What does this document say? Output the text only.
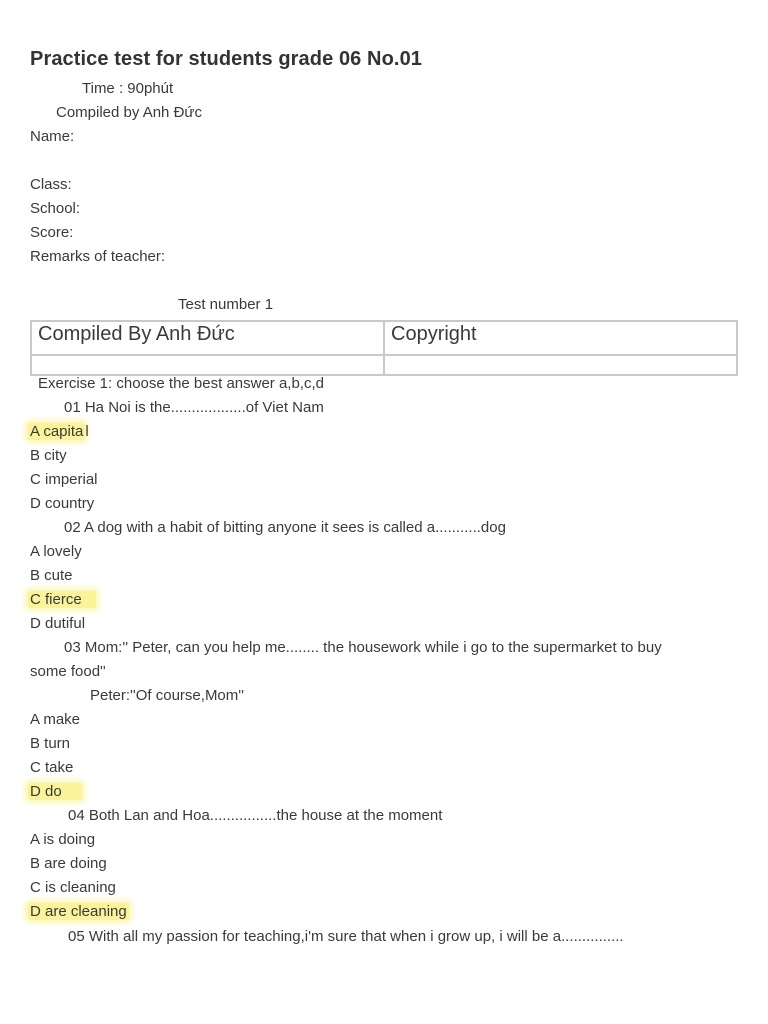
Practice test for students grade 06 No.01
Time : 90phút
Compiled by Anh Đức
Name:
Class:
School:
Score:
Remarks of teacher:
Test number 1
Compiled By Anh Đức	Copyright

Exercise 1: choose the best answer a,b,c,d
01 Ha Noi is the..................of Viet Nam
A capita l
B city
C imperial
D country
02 A dog with a habit of bitting anyone it sees is called a...........dog
A lovely
B cute
C fierce
D dutiful
03 Mom:'' Peter, can you help me........ the housework while i go to the supermarket to buy
some food''
Peter:''Of course,Mom''
A make
B turn
C take
D do
04 Both Lan and Hoa................the house at the moment
A is doing
B are doing
C is cleaning
D are cleaning
05 With all my passion for teaching,i'm sure that when i grow up, i will be a...............
